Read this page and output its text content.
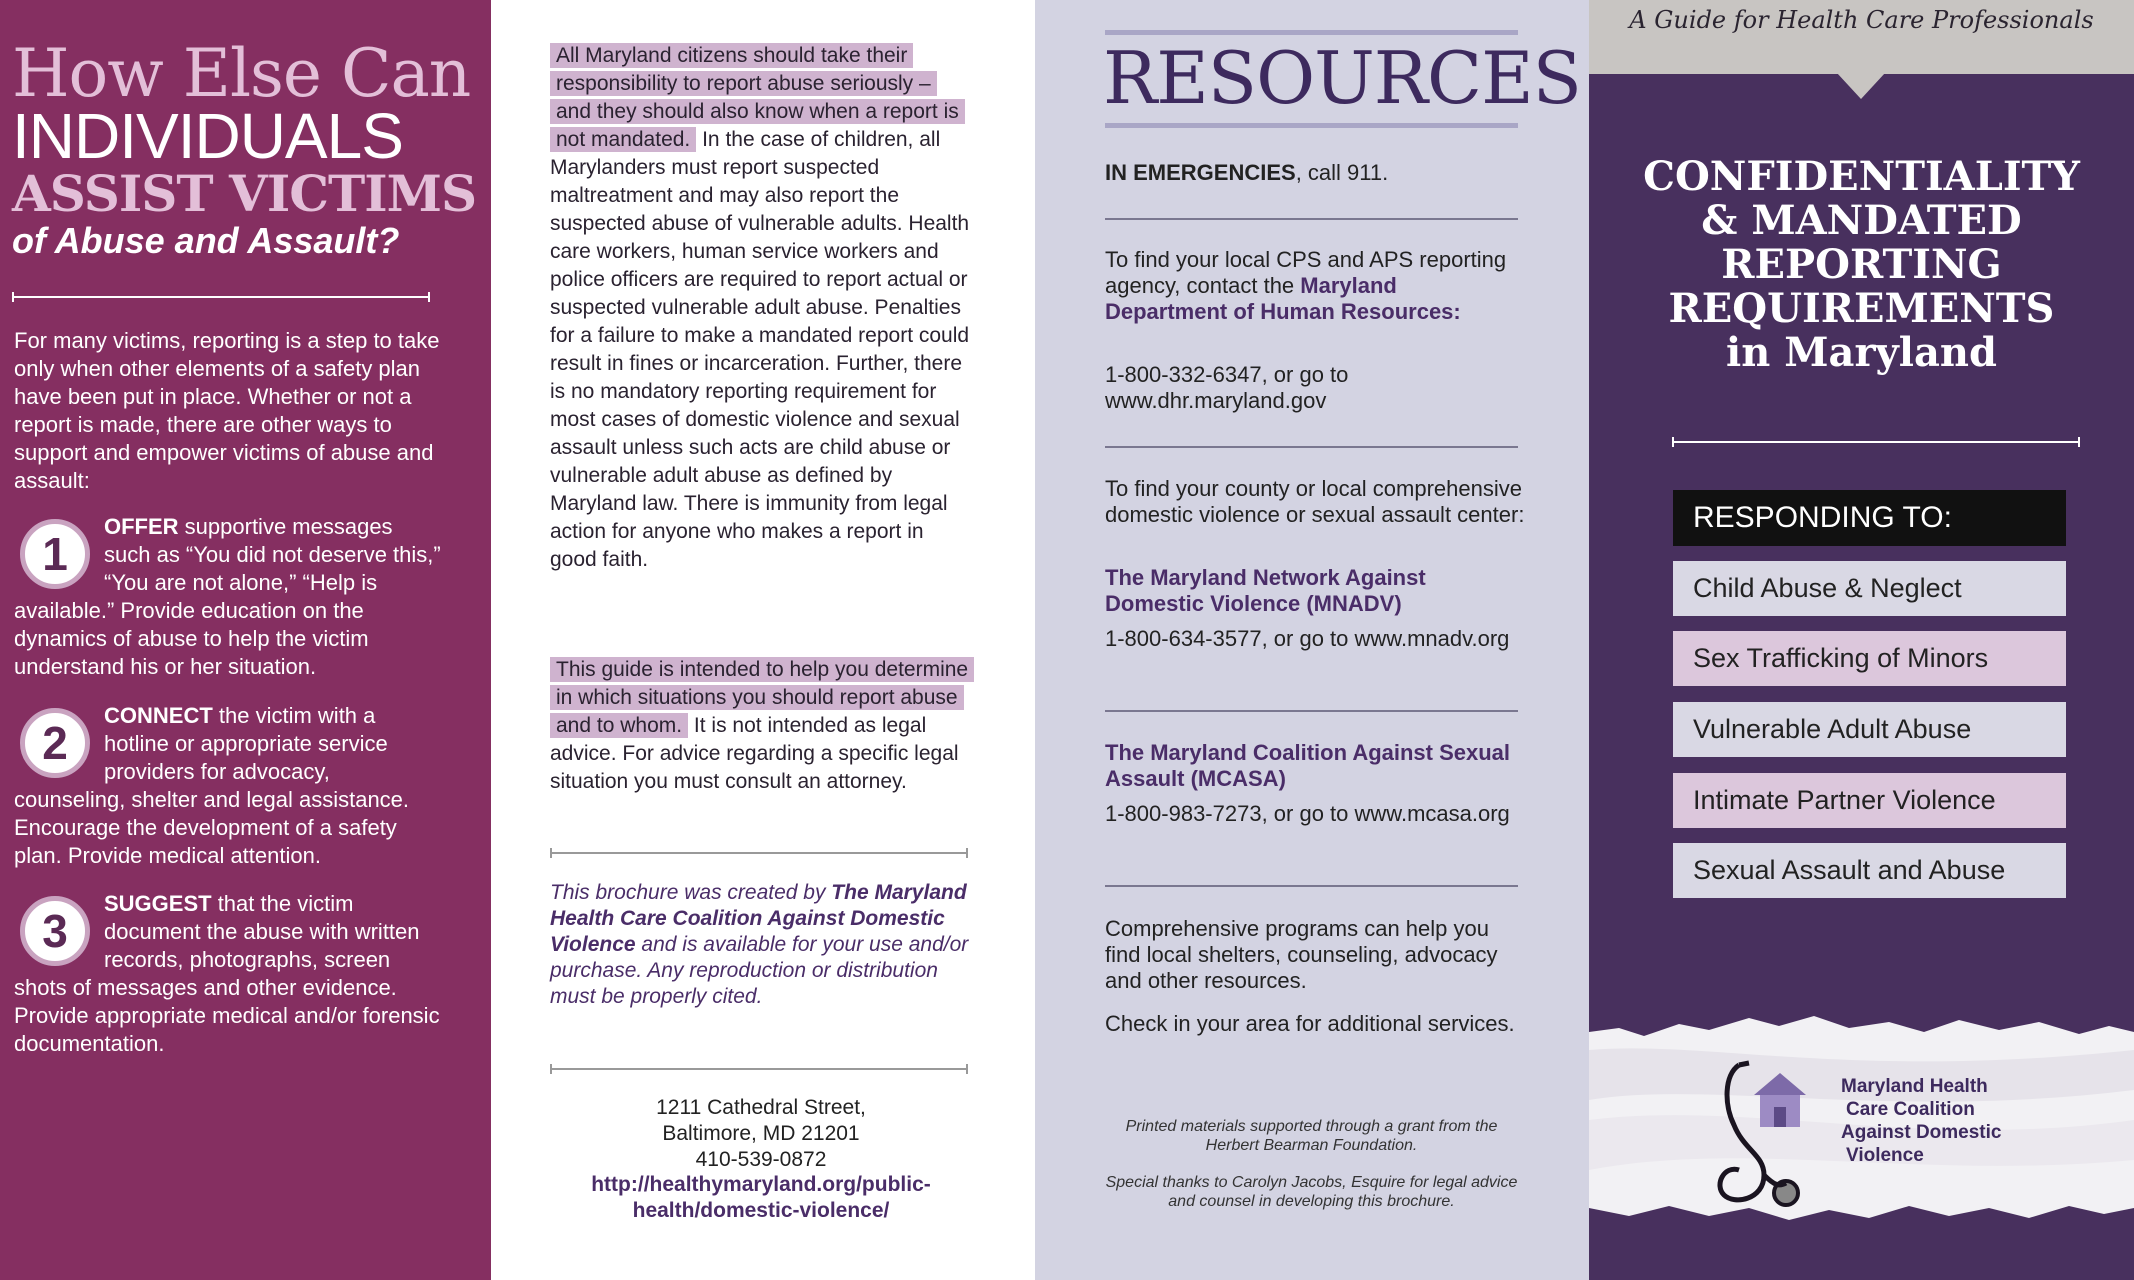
How Else Can
INDIVIDUALS
ASSIST VICTIMS
of Abuse and Assault?

For many victims, reporting is a step to take only when other elements of a safety plan have been put in place. Whether or not a report is made, there are other ways to support and empower victims of abuse and assault:

1
OFFER supportive messages such as “You did not deserve this,” “You are not alone,” “Help is available.” Provide education on the dynamics of abuse to help the victim understand his or her situation.
2
CONNECT the victim with a hotline or appropriate service providers for advocacy, counseling, shelter and legal assistance. Encourage the development of a safety plan. Provide medical attention.
3
SUGGEST that the victim document the abuse with written records, photographs, screen shots of messages and other evidence. Provide appropriate medical and/or forensic documentation.

All Maryland citizens should take their responsibility to report abuse seriously – and they should also know when a report is not mandated. In the case of children, all Marylanders must report suspected maltreatment and may also report the suspected abuse of vulnerable adults. Health care workers, human service workers and police officers are required to report actual or suspected vulnerable adult abuse. Penalties for a failure to make a mandated report could result in fines or incarceration. Further, there is no mandatory reporting requirement for most cases of domestic violence and sexual assault unless such acts are child abuse or vulnerable adult abuse as defined by Maryland law. There is immunity from legal action for anyone who makes a report in good faith.

This guide is intended to help you determine in which situations you should report abuse and to whom. It is not intended as legal advice. For advice regarding a specific legal situation you must consult an attorney.

This brochure was created by The Maryland Health Care Coalition Against Domestic Violence and is available for your use and/or purchase. Any reproduction or distribution must be properly cited.

1211 Cathedral Street,
Baltimore, MD 21201
410-539-0872
http://healthymaryland.org/public-health/domestic-violence/
RESOURCES

IN EMERGENCIES, call 911.

To find your local CPS and APS reporting agency, contact the Maryland Department of Human Resources:

1-800-332-6347, or go to www.dhr.maryland.gov

To find your county or local comprehensive domestic violence or sexual assault center:

The Maryland Network Against Domestic Violence (MNADV)

1-800-634-3577, or go to www.mnadv.org

The Maryland Coalition Against Sexual Assault (MCASA)

1-800-983-7273, or go to www.mcasa.org

Comprehensive programs can help you find local shelters, counseling, advocacy and other resources.

Check in your area for additional services.

Printed materials supported through a grant from the Herbert Bearman Foundation.

Special thanks to Carolyn Jacobs, Esquire for legal advice and counsel in developing this brochure.

A Guide for Health Care Professionals
CONFIDENTIALITY
& MANDATED
REPORTING
REQUIREMENTS
in Maryland
RESPONDING TO:
Child Abuse & Neglect
Sex Trafficking of Minors
Vulnerable Adult Abuse
Intimate Partner Violence
Sexual Assault and Abuse
Maryland Health
Care Coalition
Against Domestic
Violence
